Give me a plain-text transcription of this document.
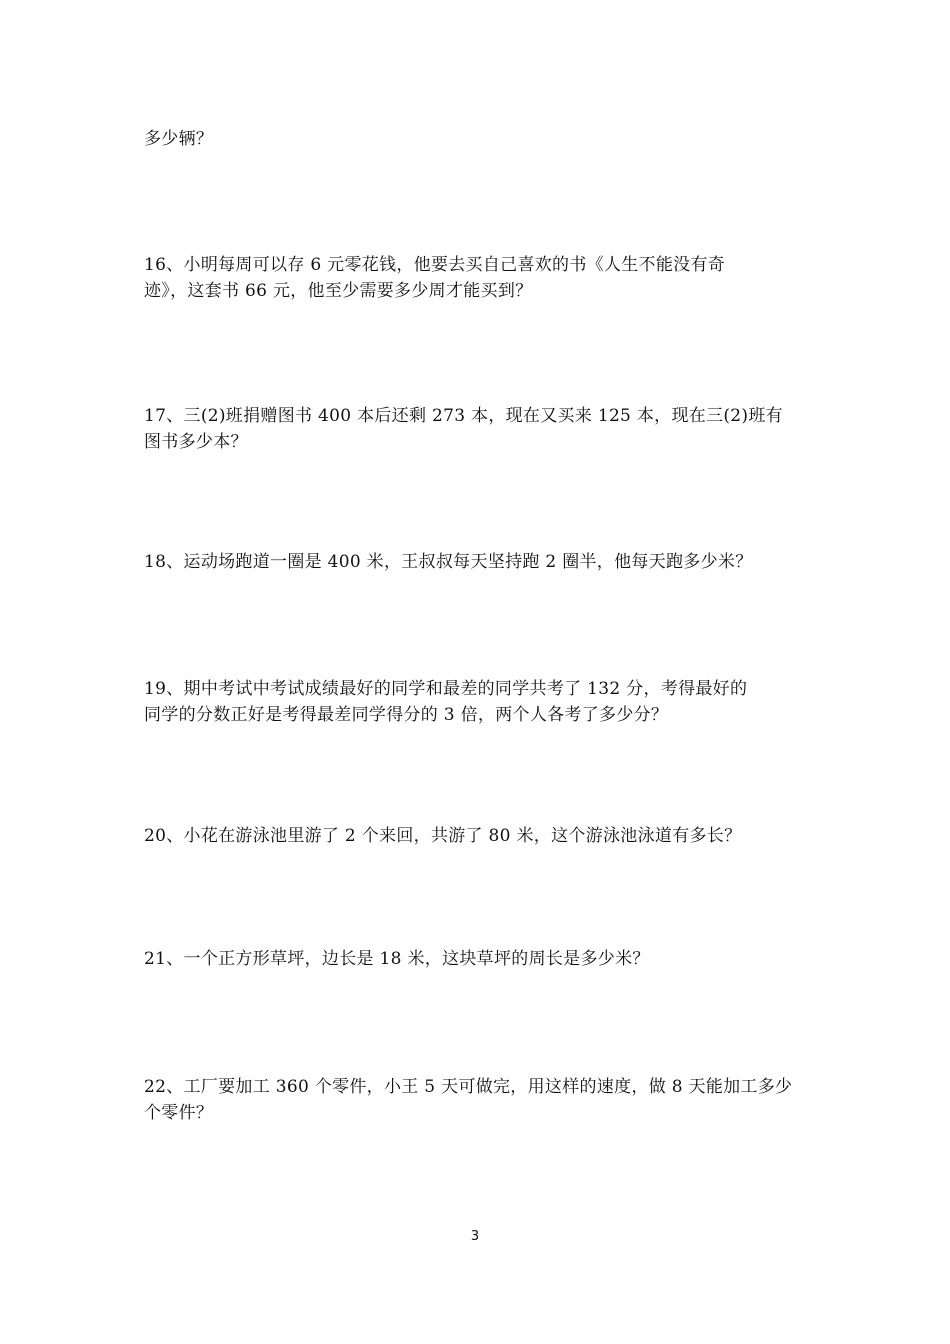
多少辆？
16、小明每周可以存 6 元零花钱，他要去买自己喜欢的书《人生不能没有奇
迹》，这套书 66 元，他至少需要多少周才能买到？
17、三(2)班捐赠图书 400 本后还剩 273 本，现在又买来 125 本，现在三(2)班有
图书多少本？
18、运动场跑道一圈是 400 米，王叔叔每天坚持跑 2 圈半，他每天跑多少米？
19、期中考试中考试成绩最好的同学和最差的同学共考了 132 分，考得最好的
同学的分数正好是考得最差同学得分的 3 倍，两个人各考了多少分？
20、小花在游泳池里游了 2 个来回，共游了 80 米，这个游泳池泳道有多长？
21、一个正方形草坪，边长是 18 米，这块草坪的周长是多少米？
22、工厂要加工 360 个零件，小王 5 天可做完，用这样的速度，做 8 天能加工多少
个零件？
3
